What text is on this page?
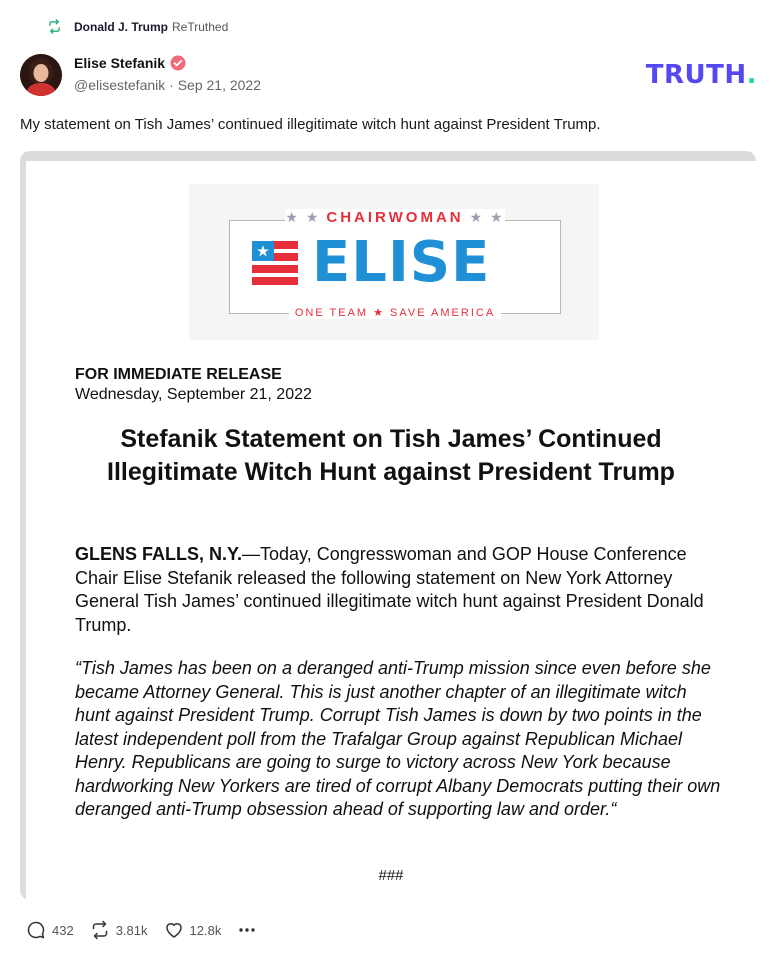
Donald J. Trump ReTruthed
Elise Stefanik
@elisestefanik · Sep 21, 2022	TRUTH.
My statement on Tish James’ continued illegitimate witch hunt against President Trump.
★ ★ CHAIRWOMAN ★ ★
ELISE
ONE TEAM ★ SAVE AMERICA
FOR IMMEDIATE RELEASE
Wednesday, September 21, 2022
Stefanik Statement on Tish James’ Continued Illegitimate Witch Hunt against President Trump
GLENS FALLS, N.Y.—Today, Congresswoman and GOP House Conference Chair Elise Stefanik released the following statement on New York Attorney General Tish James’ continued illegitimate witch hunt against President Donald Trump.
“Tish James has been on a deranged anti-Trump mission since even before she became Attorney General. This is just another chapter of an illegitimate witch hunt against President Trump. Corrupt Tish James is down by two points in the latest independent poll from the Trafalgar Group against Republican Michael Henry. Republicans are going to surge to victory across New York because hardworking New Yorkers are tired of corrupt Albany Democrats putting their own deranged anti-Trump obsession ahead of supporting law and order.“
###
432	3.81k	12.8k
